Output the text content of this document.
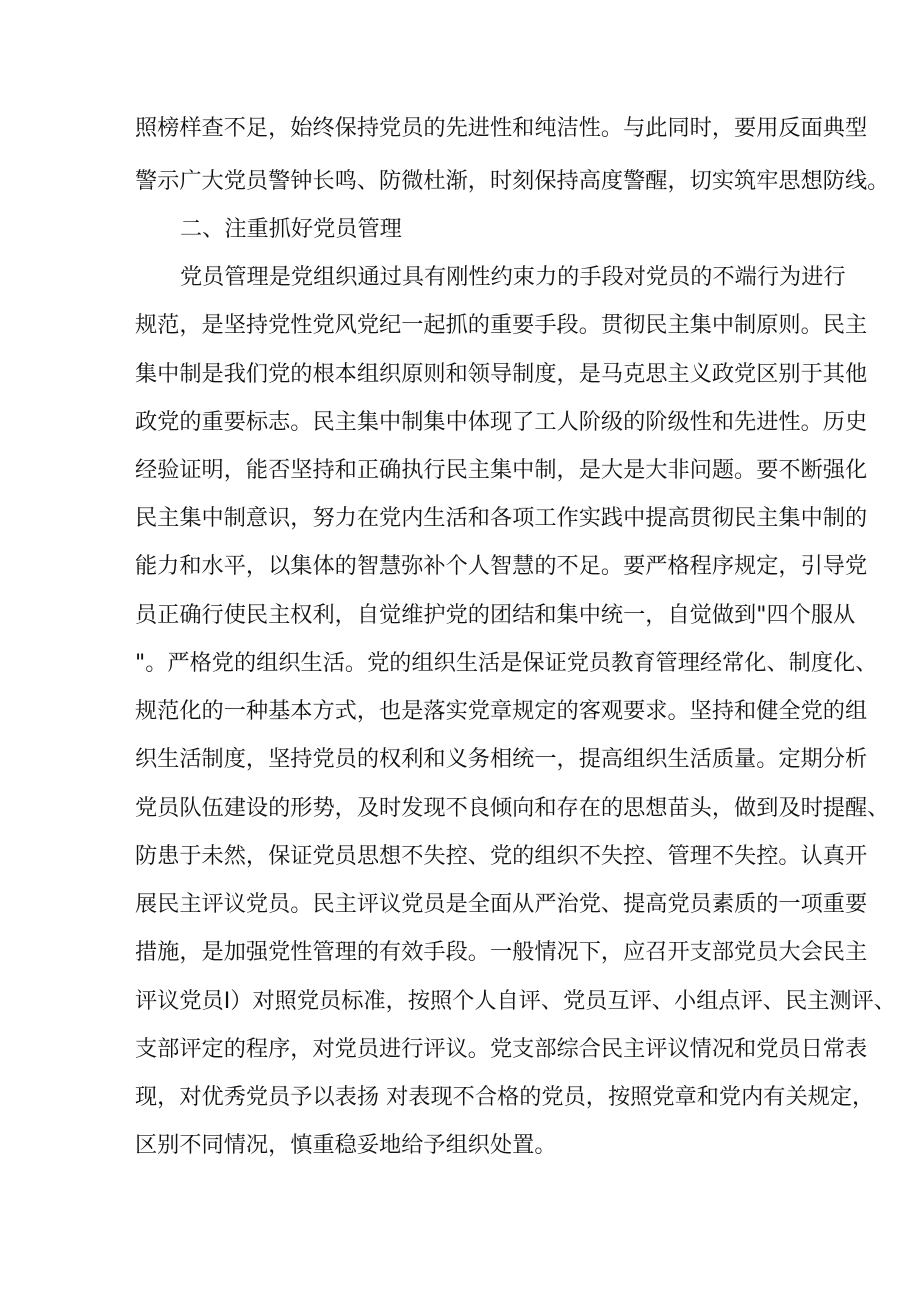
照榜样查不足，始终保持党员的先进性和纯洁性。与此同时，要用反面典型
警示广大党员警钟长鸣、防微杜渐，时刻保持高度警醒，切实筑牢思想防线。
二、注重抓好党员管理
党员管理是党组织通过具有刚性约束力的手段对党员的不端行为进行
规范，是坚持党性党风党纪一起抓的重要手段。贯彻民主集中制原则。民主
集中制是我们党的根本组织原则和领导制度，是马克思主义政党区别于其他
政党的重要标志。民主集中制集中体现了工人阶级的阶级性和先进性。历史
经验证明，能否坚持和正确执行民主集中制，是大是大非问题。要不断强化
民主集中制意识，努力在党内生活和各项工作实践中提高贯彻民主集中制的
能力和水平，以集体的智慧弥补个人智慧的不足。要严格程序规定，引导党
员正确行使民主权利，自觉维护党的团结和集中统一，自觉做到"四个服从
"。严格党的组织生活。党的组织生活是保证党员教育管理经常化、制度化、
规范化的一种基本方式，也是落实党章规定的客观要求。坚持和健全党的组
织生活制度，坚持党员的权利和义务相统一，提高组织生活质量。定期分析
党员队伍建设的形势，及时发现不良倾向和存在的思想苗头，做到及时提醒、
防患于未然，保证党员思想不失控、党的组织不失控、管理不失控。认真开
展民主评议党员。民主评议党员是全面从严治党、提高党员素质的一项重要
措施，是加强党性管理的有效手段。一般情况下，应召开支部党员大会民主
评议党员I）对照党员标准，按照个人自评、党员互评、小组点评、民主测评、
支部评定的程序，对党员进行评议。党支部综合民主评议情况和党员日常表
现，对优秀党员予以表扬 对表现不合格的党员，按照党章和党内有关规定，
区别不同情况，慎重稳妥地给予组织处置。
